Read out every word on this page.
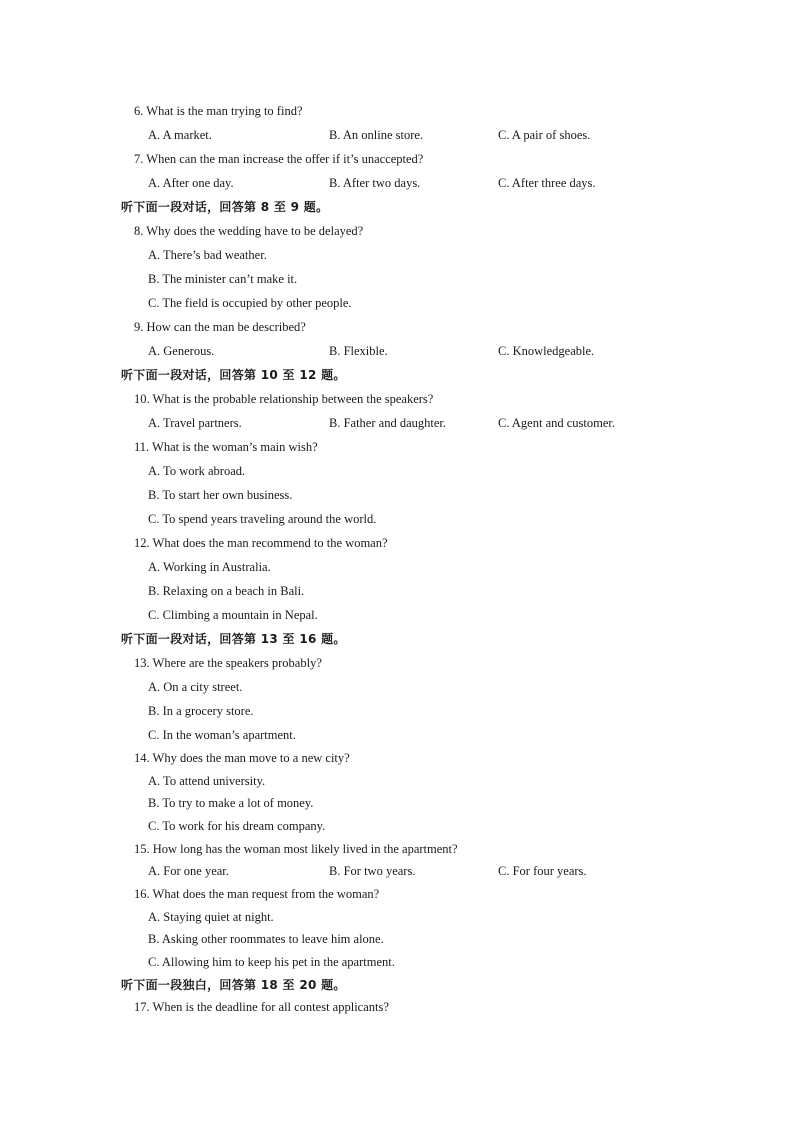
6. What is the man trying to find?
A. A market.	B. An online store.	C. A pair of shoes.
7. When can the man increase the offer if it’s unaccepted?
A. After one day.	B. After two days.	C. After three days.
听下面一段对话，回答第 8 至 9 题。
8. Why does the wedding have to be delayed?
A. There’s bad weather.
B. The minister can’t make it.
C. The field is occupied by other people.
9. How can the man be described?
A. Generous.	B. Flexible.	C. Knowledgeable.
听下面一段对话，回答第 10 至 12 题。
10. What is the probable relationship between the speakers?
A. Travel partners.	B. Father and daughter.	C. Agent and customer.
11. What is the woman’s main wish?
A. To work abroad.
B. To start her own business.
C. To spend years traveling around the world.
12. What does the man recommend to the woman?
A. Working in Australia.
B. Relaxing on a beach in Bali.
C. Climbing a mountain in Nepal.
听下面一段对话，回答第 13 至 16 题。
13. Where are the speakers probably?
A. On a city street.
B. In a grocery store.
C. In the woman’s apartment.
14. Why does the man move to a new city?
A. To attend university.
B. To try to make a lot of money.
C. To work for his dream company.
15. How long has the woman most likely lived in the apartment?
A. For one year.	B. For two years.	C. For four years.
16. What does the man request from the woman?
A. Staying quiet at night.
B. Asking other roommates to leave him alone.
C. Allowing him to keep his pet in the apartment.
听下面一段独白，回答第 18 至 20 题。
17. When is the deadline for all contest applicants?
